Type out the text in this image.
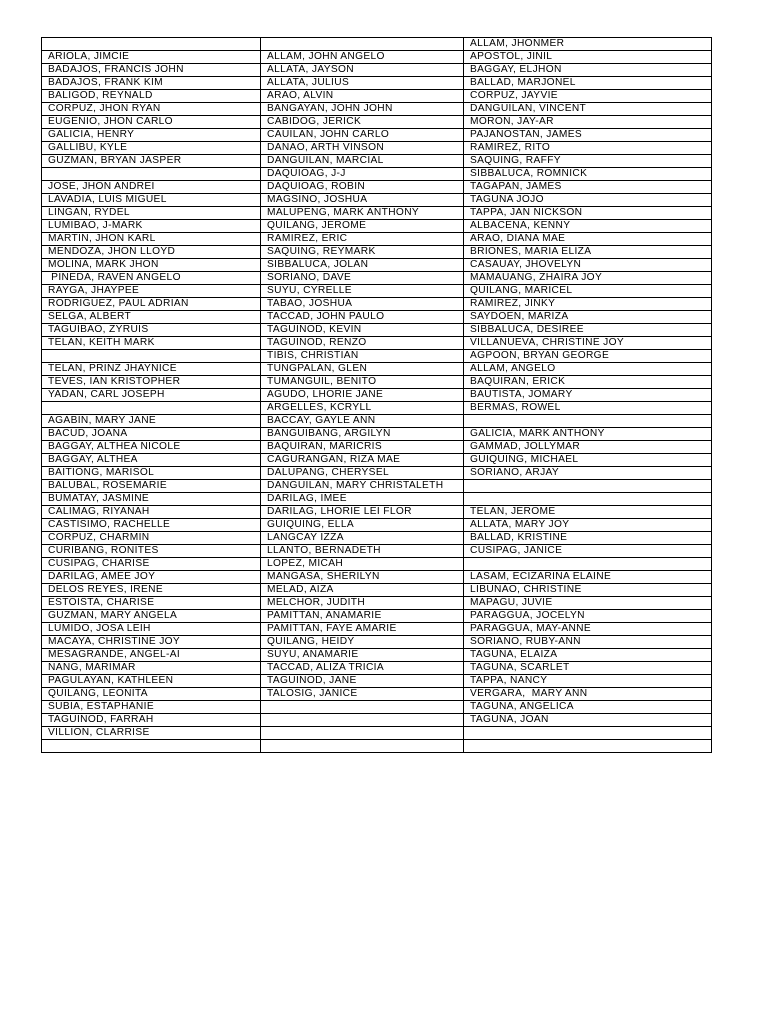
		ALLAM, JHONMER
ARIOLA, JIMCIE	ALLAM, JOHN ANGELO	APOSTOL, JINIL
BADAJOS, FRANCIS JOHN	ALLATA, JAYSON	BAGGAY, ELJHON
BADAJOS, FRANK KIM	ALLATA, JULIUS	BALLAD, MARJONEL
BALIGOD, REYNALD	ARAO, ALVIN	CORPUZ, JAYVIE
CORPUZ, JHON RYAN	BANGAYAN, JOHN JOHN	DANGUILAN, VINCENT
EUGENIO, JHON CARLO	CABIDOG, JERICK	MORON, JAY-AR
GALICIA, HENRY	CAUILAN, JOHN CARLO	PAJANOSTAN, JAMES
GALLIBU, KYLE	DANAO, ARTH VINSON	RAMIREZ, RITO
GUZMAN, BRYAN JASPER	DANGUILAN, MARCIAL	SAQUING, RAFFY
	DAQUIOAG, J-J	SIBBALUCA, ROMNICK
JOSE, JHON ANDREI	DAQUIOAG, ROBIN	TAGAPAN, JAMES
LAVADIA, LUIS MIGUEL	MAGSINO, JOSHUA	TAGUNA JOJO
LINGAN, RYDEL	MALUPENG, MARK ANTHONY	TAPPA, JAN NICKSON
LUMIBAO, J-MARK	QUILANG, JEROME	ALBACENA, KENNY
MARTIN, JHON KARL	RAMIREZ, ERIC	ARAO, DIANA MAE
MENDOZA, JHON LLOYD	SAQUING, REYMARK	BRIONES, MARIA ELIZA
MOLINA, MARK JHON	SIBBALUCA, JOLAN	CASAUAY, JHOVELYN
PINEDA, RAVEN ANGELO	SORIANO, DAVE	MAMAUANG, ZHAIRA JOY
RAYGA, JHAYPEE	SUYU, CYRELLE	QUILANG, MARICEL
RODRIGUEZ, PAUL ADRIAN	TABAO, JOSHUA	RAMIREZ, JINKY
SELGA, ALBERT	TACCAD, JOHN PAULO	SAYDOEN, MARIZA
TAGUIBAO, ZYRUIS	TAGUINOD, KEVIN	SIBBALUCA, DESIREE
TELAN, KEITH MARK	TAGUINOD, RENZO	VILLANUEVA, CHRISTINE JOY
	TIBIS, CHRISTIAN	AGPOON, BRYAN GEORGE
TELAN, PRINZ JHAYNICE	TUNGPALAN, GLEN	ALLAM, ANGELO
TEVES, IAN KRISTOPHER	TUMANGUIL, BENITO	BAQUIRAN, ERICK
YADAN, CARL JOSEPH	AGUDO, LHORIE JANE	BAUTISTA, JOMARY
	ARGELLES, KCRYLL	BERMAS, ROWEL
AGABIN, MARY JANE	BACCAY, GAYLE ANN	
BACUD, JOANA	BANGUIBANG, ARGILYN	GALICIA, MARK ANTHONY
BAGGAY, ALTHEA NICOLE	BAQUIRAN, MARICRIS	GAMMAD, JOLLYMAR
BAGGAY, ALTHEA	CAGURANGAN, RIZA MAE	GUIQUING, MICHAEL
BAITIONG, MARISOL	DALUPANG, CHERYSEL	SORIANO, ARJAY
BALUBAL, ROSEMARIE	DANGUILAN, MARY CHRISTALETH	
BUMATAY, JASMINE	DARILAG, IMEE	
CALIMAG, RIYANAH	DARILAG, LHORIE LEI FLOR	TELAN, JEROME
CASTISIMO, RACHELLE	GUIQUING, ELLA	ALLATA, MARY JOY
CORPUZ, CHARMIN	LANGCAY IZZA	BALLAD, KRISTINE
CURIBANG, RONITES	LLANTO, BERNADETH	CUSIPAG, JANICE
CUSIPAG, CHARISE	LOPEZ, MICAH	
DARILAG, AMEE JOY	MANGASA, SHERILYN	LASAM, ECIZARINA ELAINE
DELOS REYES, IRENE	MELAD, AIZA	LIBUNAO, CHRISTINE
ESTOISTA, CHARISE	MELCHOR, JUDITH	MAPAGU, JUVIE
GUZMAN, MARY ANGELA	PAMITTAN, ANAMARIE	PARAGGUA, JOCELYN
LUMIDO, JOSA LEIH	PAMITTAN, FAYE AMARIE	PARAGGUA, MAY-ANNE
MACAYA, CHRISTINE JOY	QUILANG, HEIDY	SORIANO, RUBY-ANN
MESAGRANDE, ANGEL-AI	SUYU, ANAMARIE	TAGUNA, ELAIZA
NANG, MARIMAR	TACCAD, ALIZA TRICIA	TAGUNA, SCARLET
PAGULAYAN, KATHLEEN	TAGUINOD, JANE	TAPPA, NANCY
QUILANG, LEONITA	TALOSIG, JANICE	VERGARA,  MARY ANN
SUBIA, ESTAPHANIE		TAGUNA, ANGELICA
TAGUINOD, FARRAH		TAGUNA, JOAN
VILLION, CLARRISE		
